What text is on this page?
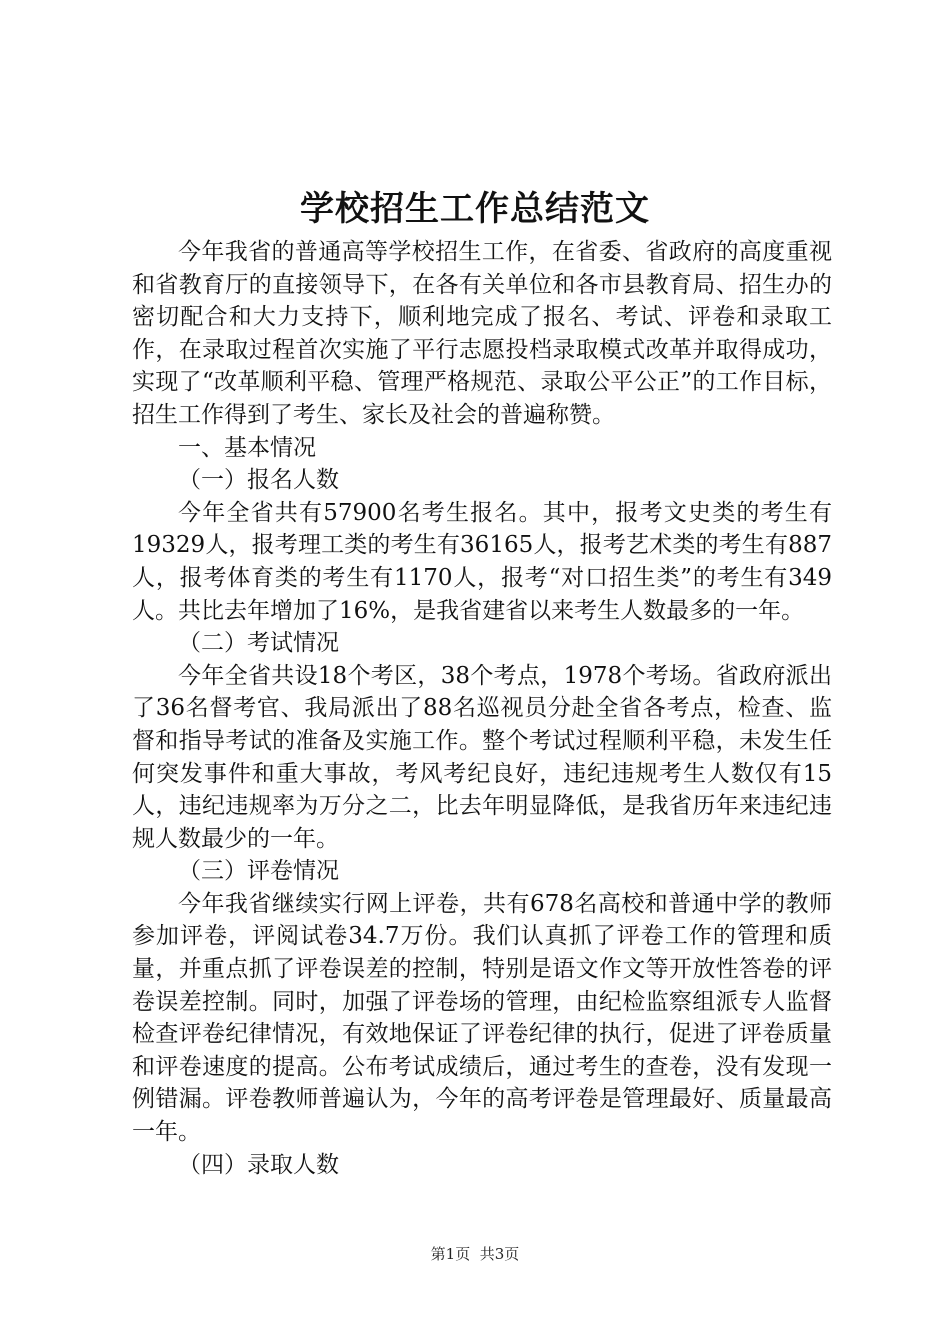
学校招生工作总结范文

今年我省的普通高等学校招生工作，在省委、省政府的高度重视和省教育厅的直接领导下，在各有关单位和各市县教育局、招生办的密切配合和大力支持下，顺利地完成了报名、考试、评卷和录取工作，在录取过程首次实施了平行志愿投档录取模式改革并取得成功，实现了“改革顺利平稳、管理严格规范、录取公平公正”的工作目标，招生工作得到了考生、家长及社会的普遍称赞。

一、基本情况

（一）报名人数

今年全省共有57900名考生报名。其中，报考文史类的考生有19329人，报考理工类的考生有36165人，报考艺术类的考生有887人，报考体育类的考生有1170人，报考“对口招生类”的考生有349人。共比去年增加了16%，是我省建省以来考生人数最多的一年。

（二）考试情况

今年全省共设18个考区，38个考点，1978个考场。省政府派出了36名督考官、我局派出了88名巡视员分赴全省各考点，检查、监督和指导考试的准备及实施工作。整个考试过程顺利平稳，未发生任何突发事件和重大事故，考风考纪良好，违纪违规考生人数仅有15人，违纪违规率为万分之二，比去年明显降低，是我省历年来违纪违规人数最少的一年。

（三）评卷情况

今年我省继续实行网上评卷，共有678名高校和普通中学的教师参加评卷，评阅试卷34.7万份。我们认真抓了评卷工作的管理和质量，并重点抓了评卷误差的控制，特别是语文作文等开放性答卷的评卷误差控制。同时，加强了评卷场的管理，由纪检监察组派专人监督检查评卷纪律情况，有效地保证了评卷纪律的执行，促进了评卷质量和评卷速度的提高。公布考试成绩后，通过考生的查卷，没有发现一例错漏。评卷教师普遍认为，今年的高考评卷是管理最好、质量最高一年。

（四）录取人数

第1页 共3页
